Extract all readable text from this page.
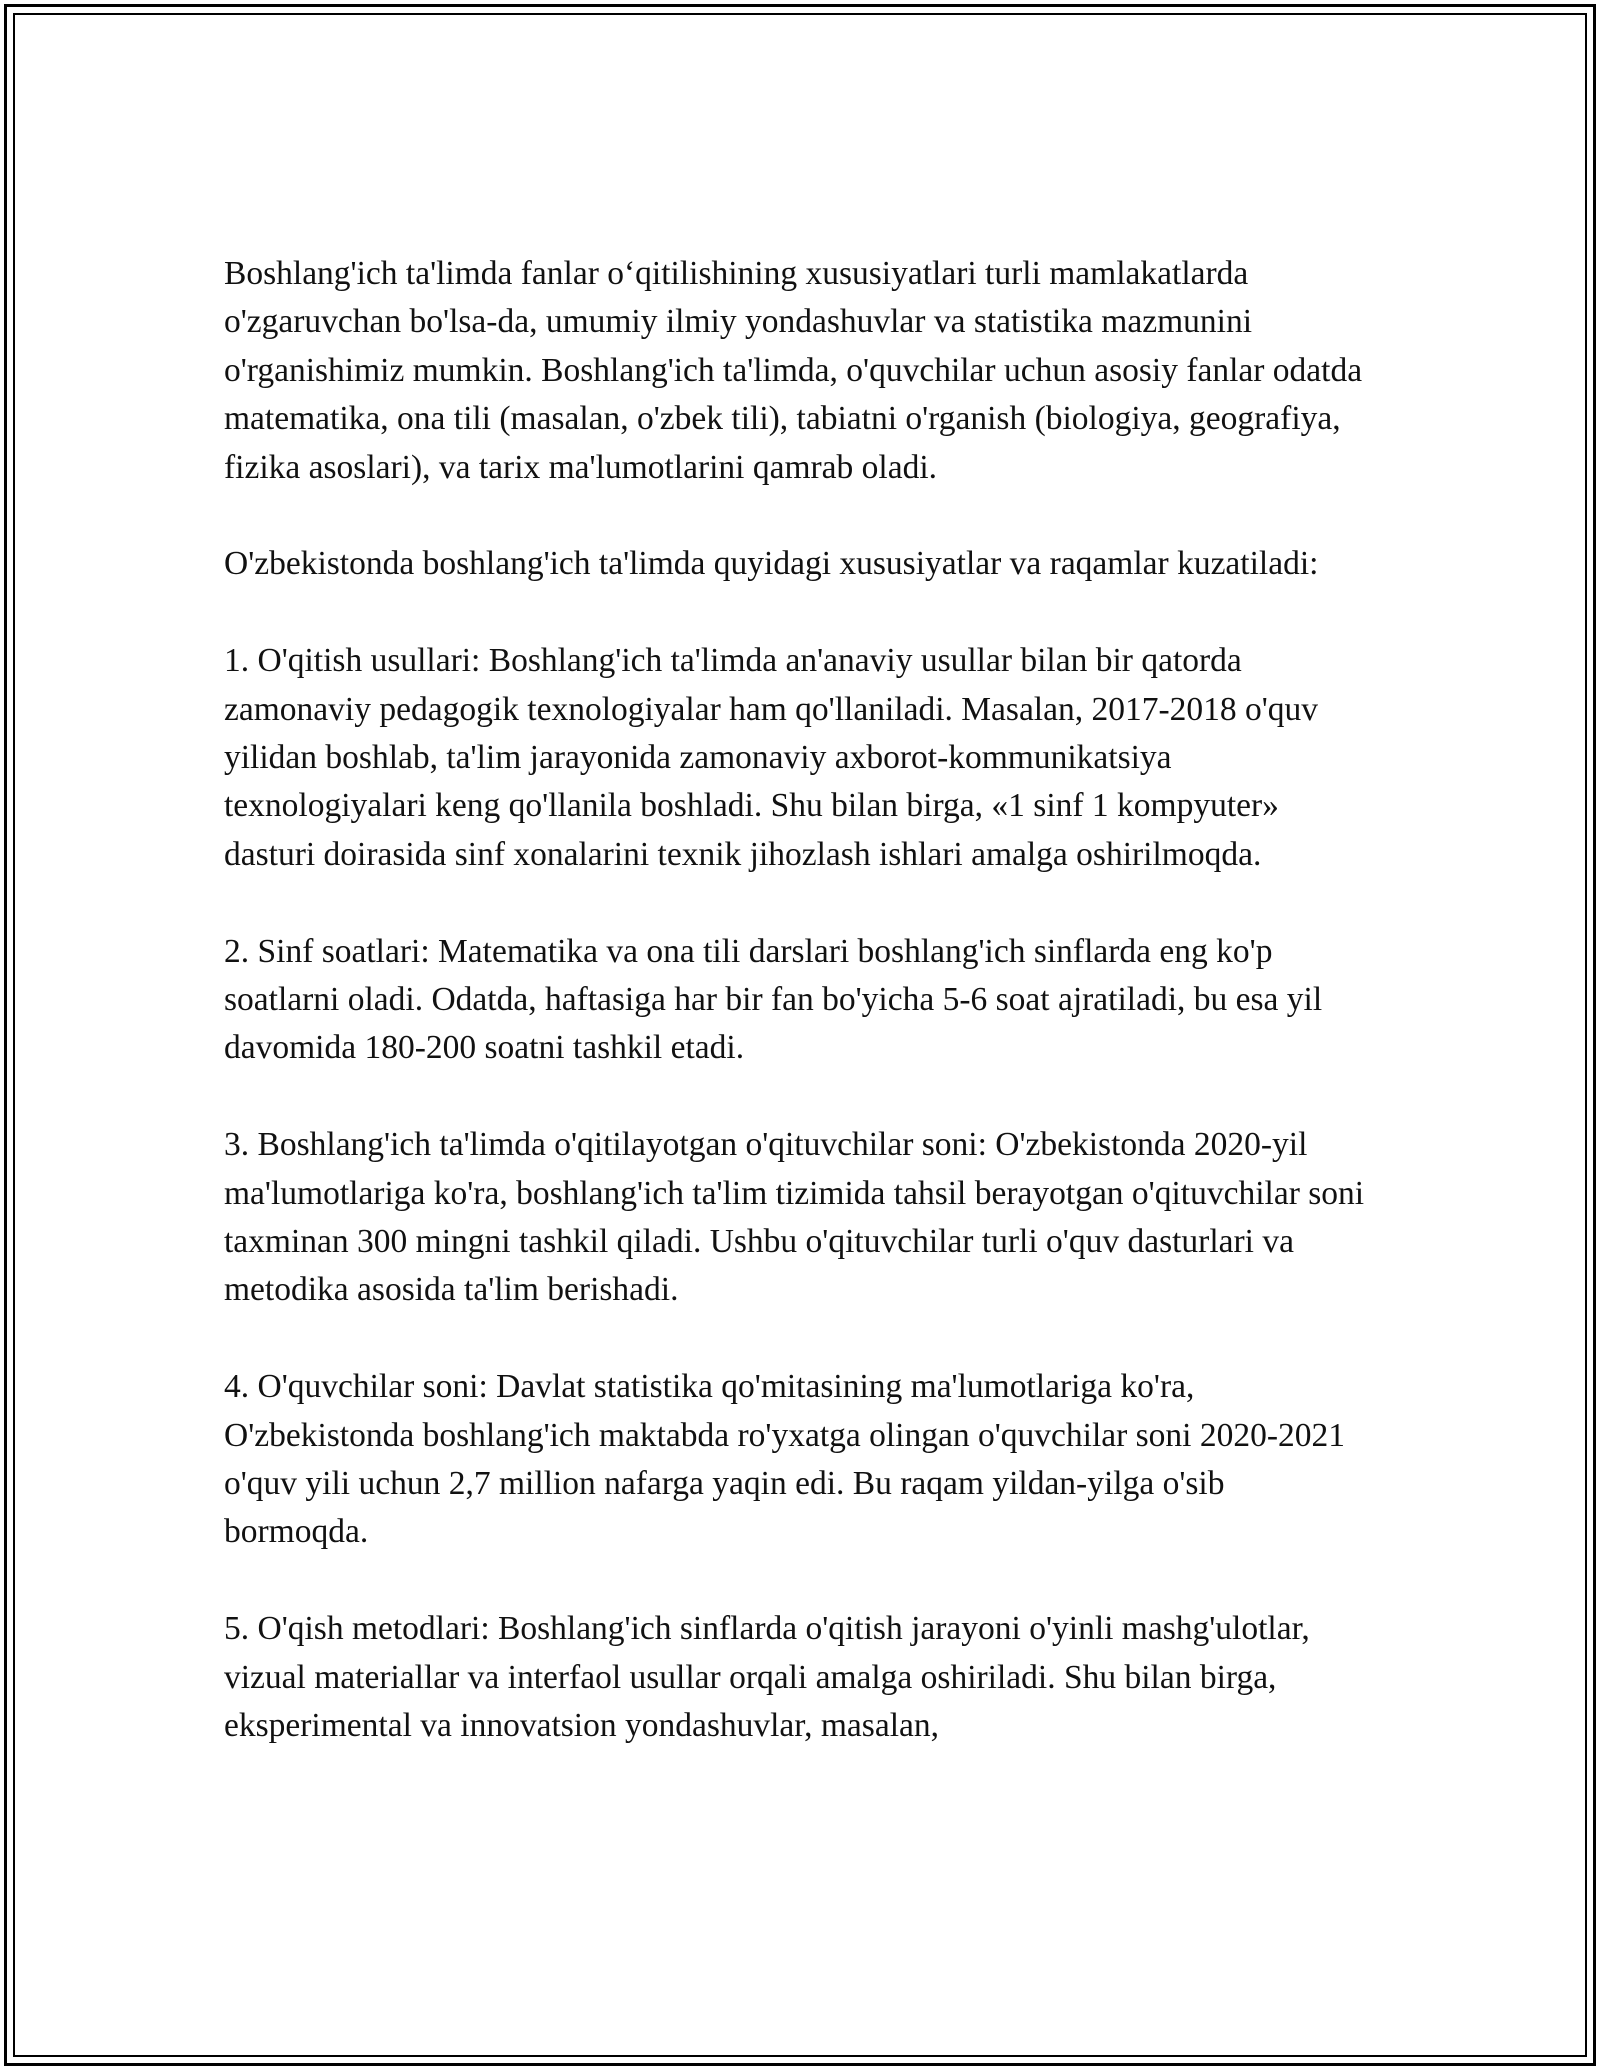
Boshlang'ich ta'limda fanlar o‘qitilishining xususiyatlari turli mamlakatlarda o'zgaruvchan bo'lsa-da, umumiy ilmiy yondashuvlar va statistika mazmunini o'rganishimiz mumkin. Boshlang'ich ta'limda, o'quvchilar uchun asosiy fanlar odatda matematika, ona tili (masalan, o'zbek tili), tabiatni o'rganish (biologiya, geografiya, fizika asoslari), va tarix ma'lumotlarini qamrab oladi.

O'zbekistonda boshlang'ich ta'limda quyidagi xususiyatlar va raqamlar kuzatiladi:

1. O'qitish usullari: Boshlang'ich ta'limda an'anaviy usullar bilan bir qatorda zamonaviy pedagogik texnologiyalar ham qo'llaniladi. Masalan, 2017-2018 o'quv yilidan boshlab, ta'lim jarayonida zamonaviy axborot-kommunikatsiya texnologiyalari keng qo'llanila boshladi. Shu bilan birga, «1 sinf 1 kompyuter» dasturi doirasida sinf xonalarini texnik jihozlash ishlari amalga oshirilmoqda.

2. Sinf soatlari: Matematika va ona tili darslari boshlang'ich sinflarda eng ko'p soatlarni oladi. Odatda, haftasiga har bir fan bo'yicha 5-6 soat ajratiladi, bu esa yil davomida 180-200 soatni tashkil etadi.

3. Boshlang'ich ta'limda o'qitilayotgan o'qituvchilar soni: O'zbekistonda 2020-yil ma'lumotlariga ko'ra, boshlang'ich ta'lim tizimida tahsil berayotgan o'qituvchilar soni taxminan 300 mingni tashkil qiladi. Ushbu o'qituvchilar turli o'quv dasturlari va metodika asosida ta'lim berishadi.

4. O'quvchilar soni: Davlat statistika qo'mitasining ma'lumotlariga ko'ra, O'zbekistonda boshlang'ich maktabda ro'yxatga olingan o'quvchilar soni 2020-2021 o'quv yili uchun 2,7 million nafarga yaqin edi. Bu raqam yildan-yilga o'sib bormoqda.

5. O'qish metodlari: Boshlang'ich sinflarda o'qitish jarayoni o'yinli mashg'ulotlar, vizual materiallar va interfaol usullar orqali amalga oshiriladi. Shu bilan birga, eksperimental va innovatsion yondashuvlar, masalan,
